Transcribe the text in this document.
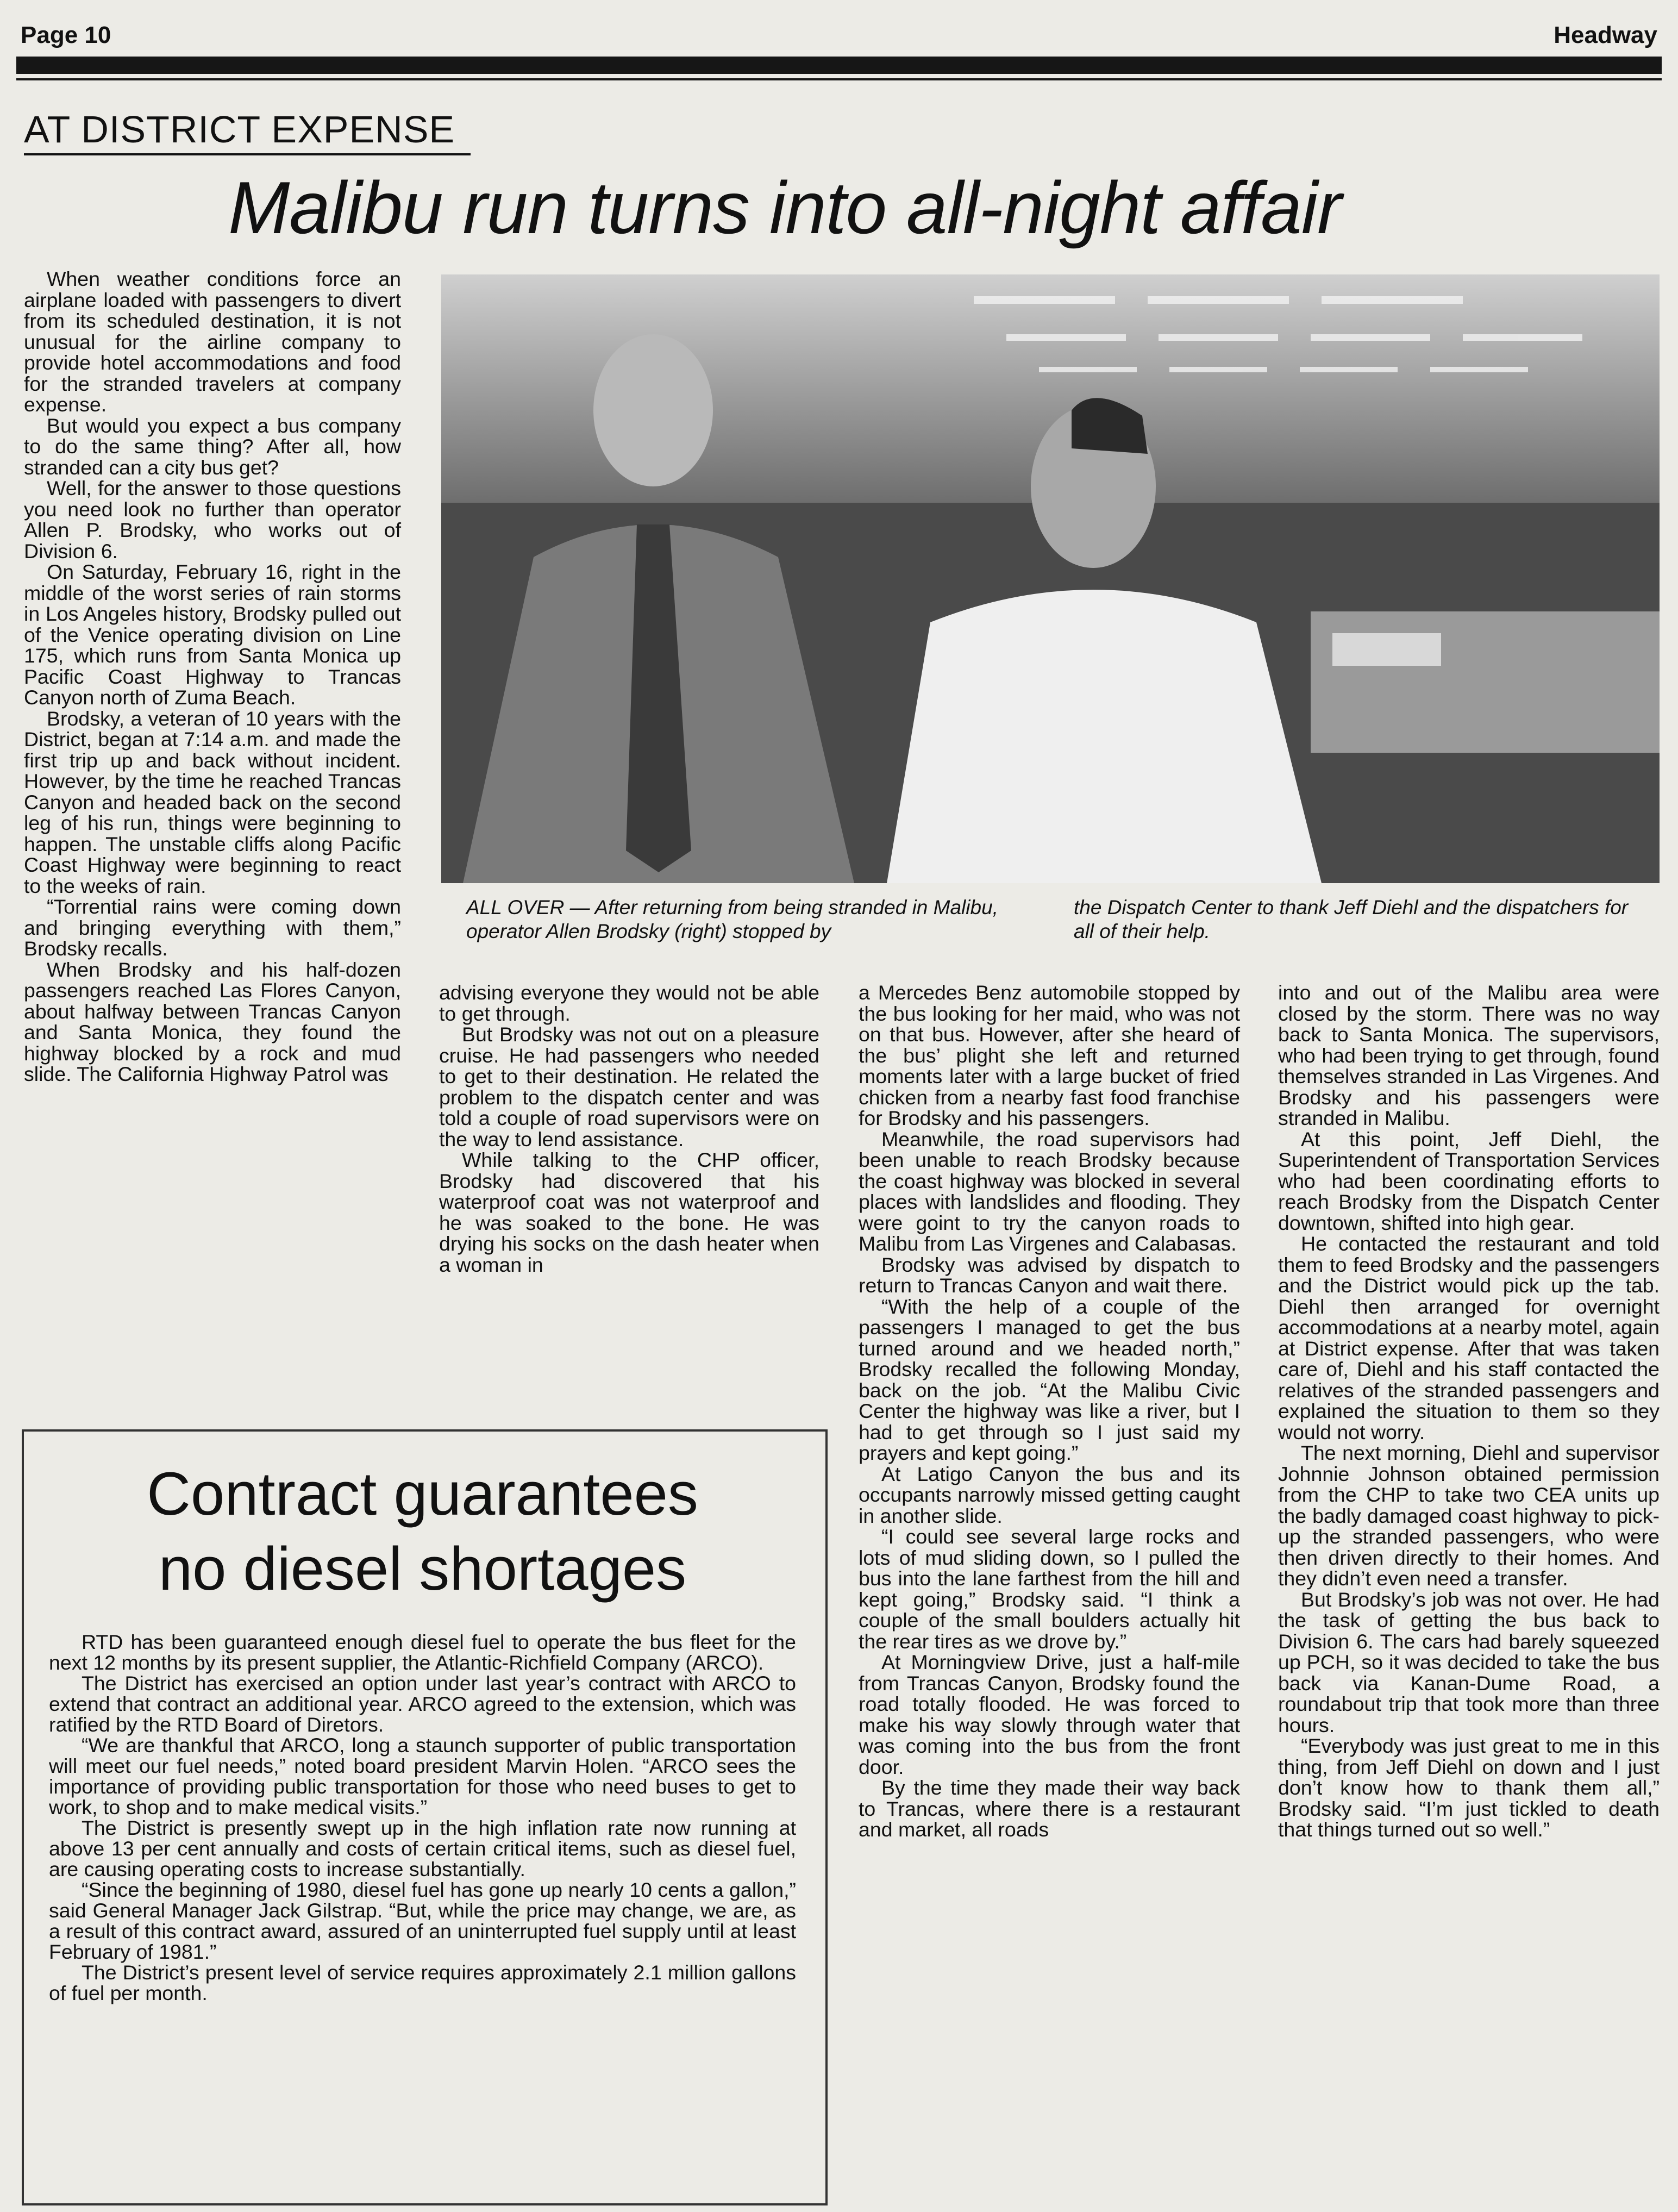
Page 10	Headway
AT DISTRICT EXPENSE
Malibu run turns into all-night affair

When weather conditions force an airplane loaded with passengers to divert from its scheduled destination, it is not unusual for the airline company to provide hotel accommodations and food for the stranded travelers at company expense.

But would you expect a bus company to do the same thing? After all, how stranded can a city bus get?

Well, for the answer to those questions you need look no further than operator Allen P. Brodsky, who works out of Division 6.

On Saturday, February 16, right in the middle of the worst series of rain storms in Los Angeles history, Brodsky pulled out of the Venice operating division on Line 175, which runs from Santa Monica up Pacific Coast Highway to Trancas Canyon north of Zuma Beach.

Brodsky, a veteran of 10 years with the District, began at 7:14 a.m. and made the first trip up and back without incident. However, by the time he reached Trancas Canyon and headed back on the second leg of his run, things were beginning to happen. The unstable cliffs along Pacific Coast Highway were beginning to react to the weeks of rain.

“Torrential rains were coming down and bringing everything with them,” Brodsky recalls.

When Brodsky and his half-dozen passengers reached Las Flores Canyon, about halfway between Trancas Canyon and Santa Monica, they found the highway blocked by a rock and mud slide. The California Highway Patrol was

ALL OVER — After returning from being stranded in Malibu, operator Allen Brodsky (right) stopped by
the Dispatch Center to thank Jeff Diehl and the dispatchers for all of their help.

advising everyone they would not be able to get through.

But Brodsky was not out on a pleasure cruise. He had passengers who needed to get to their destination. He related the problem to the dispatch center and was told a couple of road supervisors were on the way to lend assistance.

While talking to the CHP officer, Brodsky had discovered that his waterproof coat was not waterproof and he was soaked to the bone. He was drying his socks on the dash heater when a woman in

a Mercedes Benz automobile stopped by the bus looking for her maid, who was not on that bus. However, after she heard of the bus’ plight she left and returned moments later with a large bucket of fried chicken from a nearby fast food franchise for Brodsky and his passengers.

Meanwhile, the road supervisors had been unable to reach Brodsky because the coast highway was blocked in several places with landslides and flooding. They were goint to try the canyon roads to Malibu from Las Virgenes and Calabasas.

Brodsky was advised by dispatch to return to Trancas Canyon and wait there.

“With the help of a couple of the passengers I managed to get the bus turned around and we headed north,” Brodsky recalled the following Monday, back on the job. “At the Malibu Civic Center the highway was like a river, but I had to get through so I just said my prayers and kept going.”

At Latigo Canyon the bus and its occupants narrowly missed getting caught in another slide.

“I could see several large rocks and lots of mud sliding down, so I pulled the bus into the lane farthest from the hill and kept going,” Brodsky said. “I think a couple of the small boulders actually hit the rear tires as we drove by.”

At Morningview Drive, just a half-mile from Trancas Canyon, Brodsky found the road totally flooded. He was forced to make his way slowly through water that was coming into the bus from the front door.

By the time they made their way back to Trancas, where there is a restaurant and market, all roads

into and out of the Malibu area were closed by the storm. There was no way back to Santa Monica. The supervisors, who had been trying to get through, found themselves stranded in Las Virgenes. And Brodsky and his passengers were stranded in Malibu.

At this point, Jeff Diehl, the Superintendent of Transportation Services who had been coordinating efforts to reach Brodsky from the Dispatch Center downtown, shifted into high gear.

He contacted the restaurant and told them to feed Brodsky and the passengers and the District would pick up the tab. Diehl then arranged for overnight accommodations at a nearby motel, again at District expense. After that was taken care of, Diehl and his staff contacted the relatives of the stranded passengers and explained the situation to them so they would not worry.

The next morning, Diehl and supervisor Johnnie Johnson obtained permission from the CHP to take two CEA units up the badly damaged coast highway to pick-up the stranded passengers, who were then driven directly to their homes. And they didn’t even need a transfer.

But Brodsky’s job was not over. He had the task of getting the bus back to Division 6. The cars had barely squeezed up PCH, so it was decided to take the bus back via Kanan-Dume Road, a roundabout trip that took more than three hours.

“Everybody was just great to me in this thing, from Jeff Diehl on down and I just don’t know how to thank them all,” Brodsky said. “I’m just tickled to death that things turned out so well.”

Contract guarantees
no diesel shortages

RTD has been guaranteed enough diesel fuel to operate the bus fleet for the next 12 months by its present supplier, the Atlantic-Richfield Company (ARCO).

The District has exercised an option under last year’s contract with ARCO to extend that contract an additional year. ARCO agreed to the extension, which was ratified by the RTD Board of Diretors.

“We are thankful that ARCO, long a staunch supporter of public transportation will meet our fuel needs,” noted board president Marvin Holen. “ARCO sees the importance of providing public transportation for those who need buses to get to work, to shop and to make medical visits.”

The District is presently swept up in the high inflation rate now running at above 13 per cent annually and costs of certain critical items, such as diesel fuel, are causing operating costs to increase substantially.

“Since the beginning of 1980, diesel fuel has gone up nearly 10 cents a gallon,” said General Manager Jack Gilstrap. “But, while the price may change, we are, as a result of this contract award, assured of an uninterrupted fuel supply until at least February of 1981.”

The District’s present level of service requires approximately 2.1 million gallons of fuel per month.
